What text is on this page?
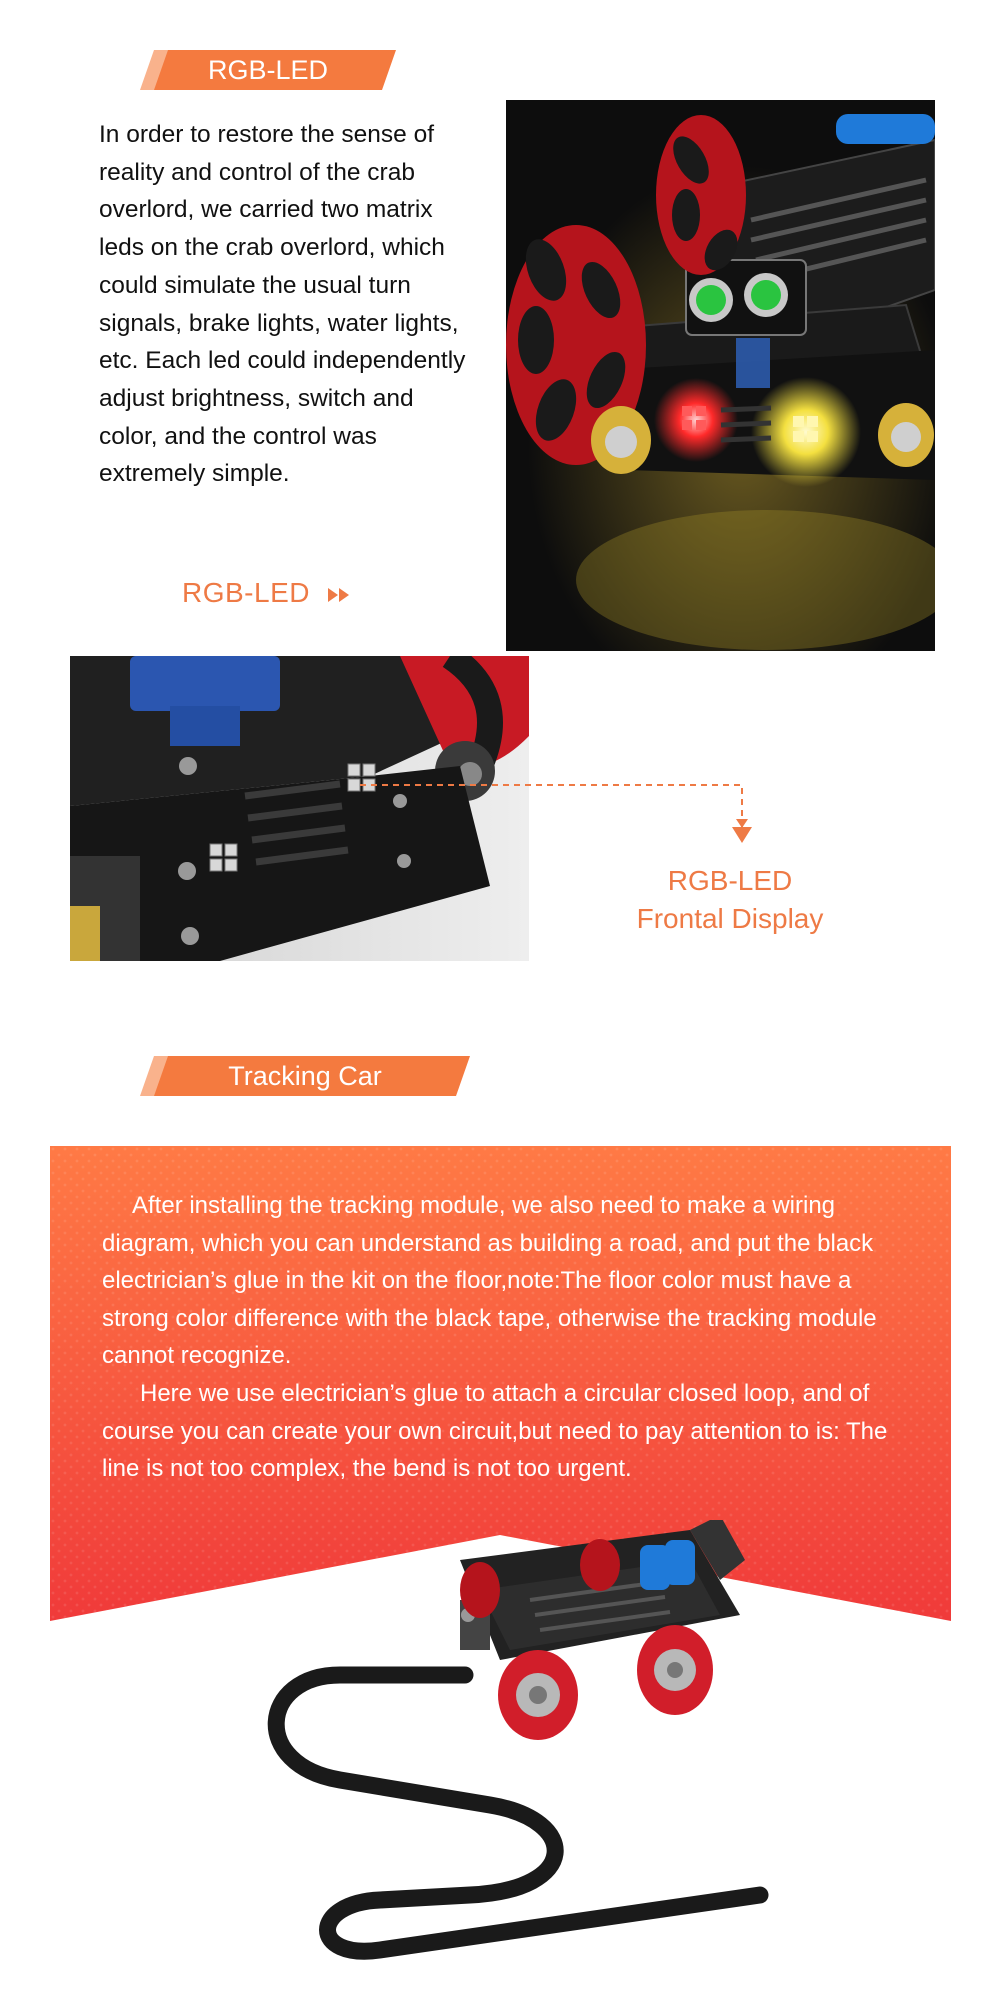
RGB-LED

In order to restore the sense of reality and control of the crab overlord, we carried two matrix leds on the crab overlord, which could simulate the usual turn signals, brake lights, water lights, etc. Each led could independently adjust brightness, switch and color, and the control was extremely simple.

RGB-LED
RGB-LED
Frontal Display
Tracking Car

After installing the tracking module, we also need to make a wiring diagram, which you can understand as building a road, and put the black electrician’s glue in the kit on the floor,note:The floor color must have a strong color difference with the black tape, otherwise the tracking module cannot recognize.

Here we use electrician’s glue to attach a circular closed loop, and of course you can create your own circuit,but need to pay attention to is: The line is not too complex, the bend is not too urgent.
